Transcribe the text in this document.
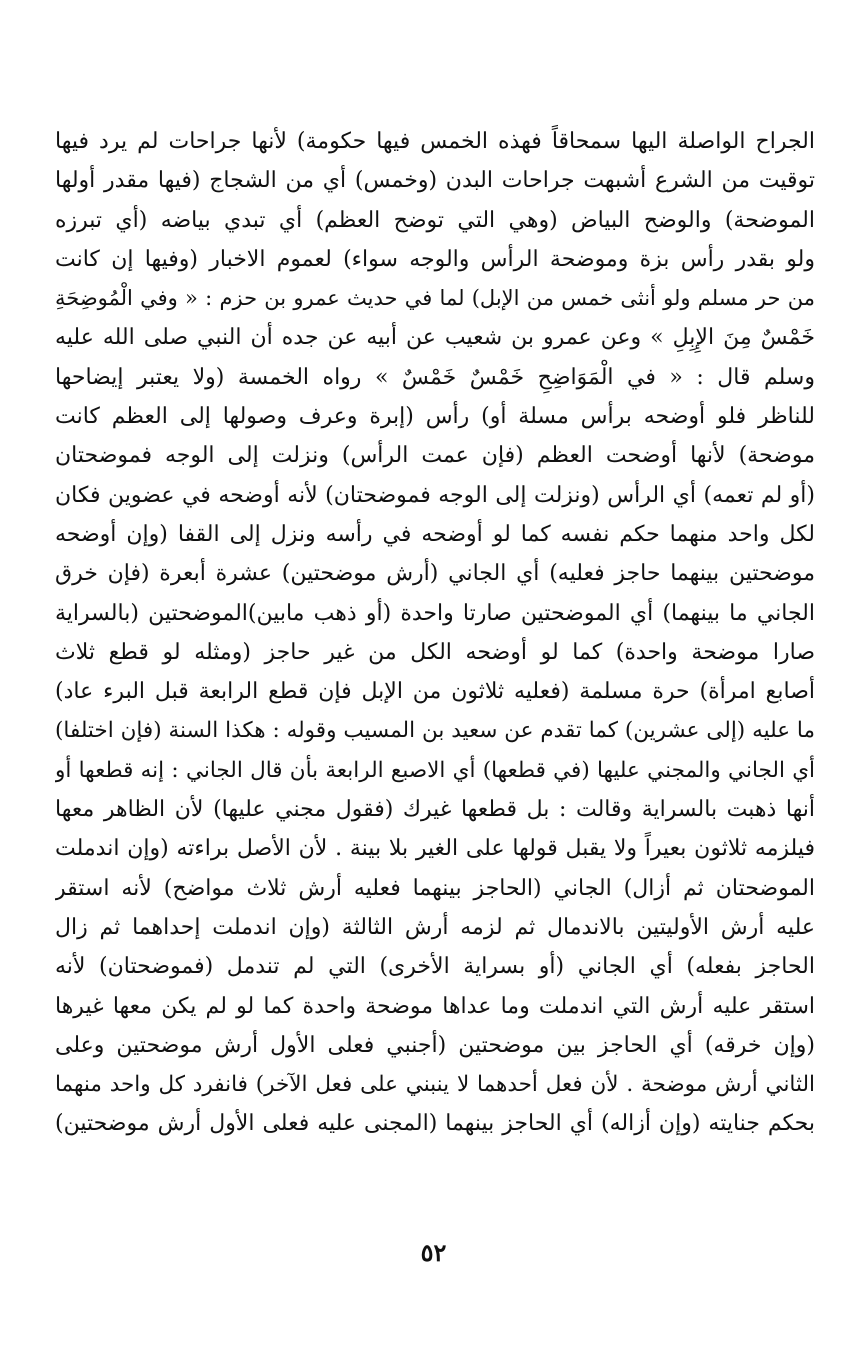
الجراح الواصلة اليها سمحاقاً فهذه الخمس فيها حكومة) لأنها جراحات لم يرد فيها
توقيت من الشرع أشبهت جراحات البدن (وخمس) أي من الشجاج (فيها مقدر أولها
الموضحة) والوضح البياض (وهي التي توضح العظم) أي تبدي بياضه (أي تبرزه
ولو بقدر رأس بزة وموضحة الرأس والوجه سواء) لعموم الاخبار (وفيها إن كانت
من حر مسلم ولو أنثى خمس من الإبل) لما في حديث عمرو بن حزم : « وفي الْمُوضِحَةِ
خَمْسٌ مِنَ الإِبِلِ » وعن عمرو بن شعيب عن أبيه عن جده أن النبي صلى الله عليه
وسلم قال : « في الْمَوَاضِحِ خَمْسٌ خَمْسٌ » رواه الخمسة (ولا يعتبر إيضاحها
للناظر فلو أوضحه برأس مسلة أو) رأس (إبرة وعرف وصولها إلى العظم كانت
موضحة) لأنها أوضحت العظم (فإن عمت الرأس) ونزلت إلى الوجه فموضحتان
(أو لم تعمه) أي الرأس (ونزلت إلى الوجه فموضحتان) لأنه أوضحه في عضوين فكان
لكل واحد منهما حكم نفسه كما لو أوضحه في رأسه ونزل إلى القفا (وإن أوضحه
موضحتين بينهما حاجز فعليه) أي الجاني (أرش موضحتين) عشرة أبعرة (فإن خرق
الجاني ما بينهما) أي الموضحتين صارتا واحدة (أو ذهب مابين)الموضحتين (بالسراية
صارا موضحة واحدة) كما لو أوضحه الكل من غير حاجز (ومثله لو قطع ثلاث
أصابع امرأة) حرة مسلمة (فعليه ثلاثون من الإبل فإن قطع الرابعة قبل البرء عاد)
ما عليه (إلى عشرين) كما تقدم عن سعيد بن المسيب وقوله : هكذا السنة (فإن اختلفا)
أي الجاني والمجني عليها (في قطعها) أي الاصبع الرابعة بأن قال الجاني : إنه قطعها أو
أنها ذهبت بالسراية وقالت : بل قطعها غيرك (فقول مجني عليها) لأن الظاهر معها
فيلزمه ثلاثون بعيراً ولا يقبل قولها على الغير بلا بينة . لأن الأصل براءته (وإن اندملت
الموضحتان ثم أزال) الجاني (الحاجز بينهما فعليه أرش ثلاث مواضح) لأنه استقر
عليه أرش الأوليتين بالاندمال ثم لزمه أرش الثالثة (وإن اندملت إحداهما ثم زال
الحاجز بفعله) أي الجاني (أو بسراية الأخرى) التي لم تندمل (فموضحتان) لأنه
استقر عليه أرش التي اندملت وما عداها موضحة واحدة كما لو لم يكن معها غيرها
(وإن خرقه) أي الحاجز بين موضحتين (أجنبي فعلى الأول أرش موضحتين وعلى
الثاني أرش موضحة . لأن فعل أحدهما لا ينبني على فعل الآخر) فانفرد كل واحد منهما
بحكم جنايته (وإن أزاله) أي الحاجز بينهما (المجنى عليه فعلى الأول أرش موضحتين)
٥٢
